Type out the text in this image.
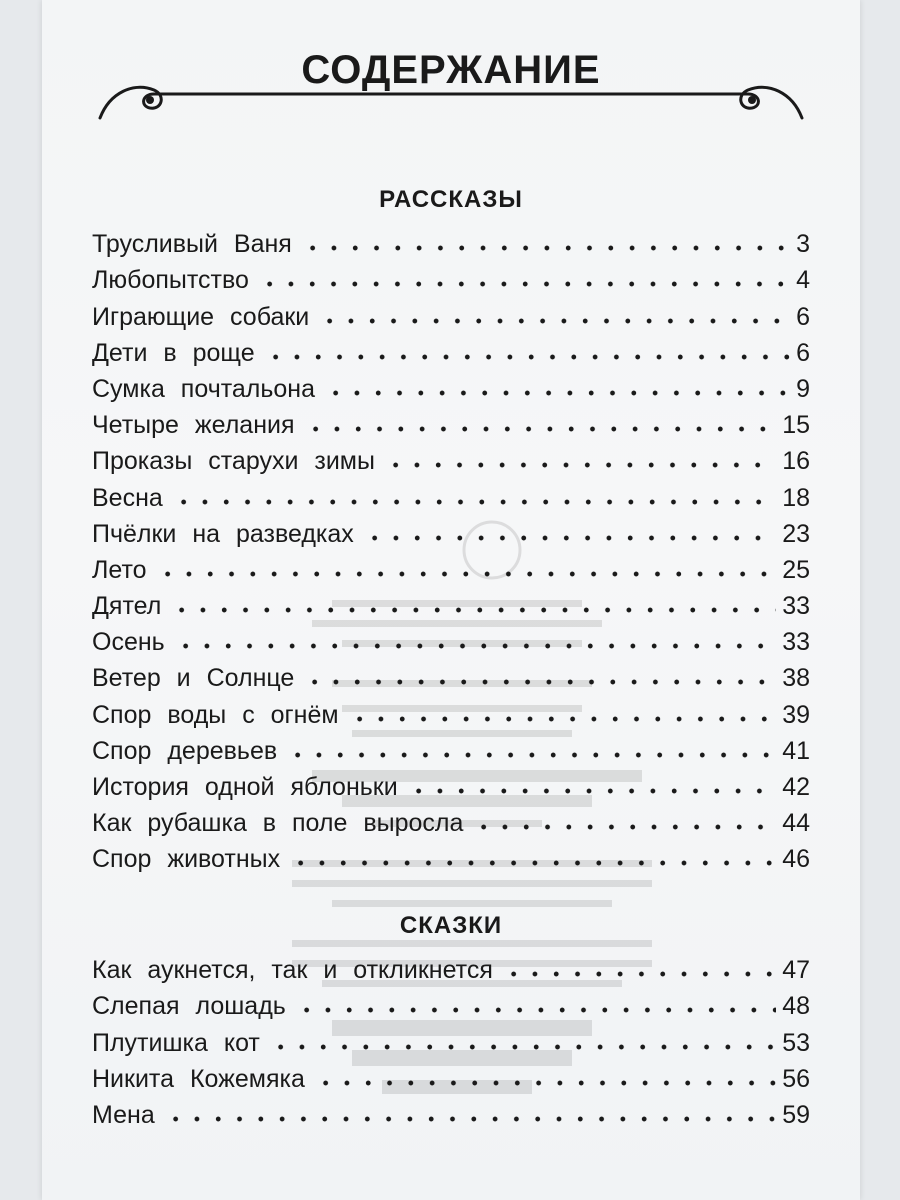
СОДЕРЖАНИЕ
РАССКАЗЫ
Трусливый Ваня	3
Любопытство	4
Играющие собаки	6
Дети в роще	6
Сумка почтальона	9
Четыре желания	15
Проказы старухи зимы	16
Весна	18
Пчёлки на разведках	23
Лето	25
Дятел	33
Осень	33
Ветер и Солнце	38
Спор воды с огнём	39
Спор деревьев	41
История одной яблоньки	42
Как рубашка в поле выросла	44
Спор животных	46
СКАЗКИ
Как аукнется, так и откликнется	47
Слепая лошадь	48
Плутишка кот	53
Никита Кожемяка	56
Мена	59
